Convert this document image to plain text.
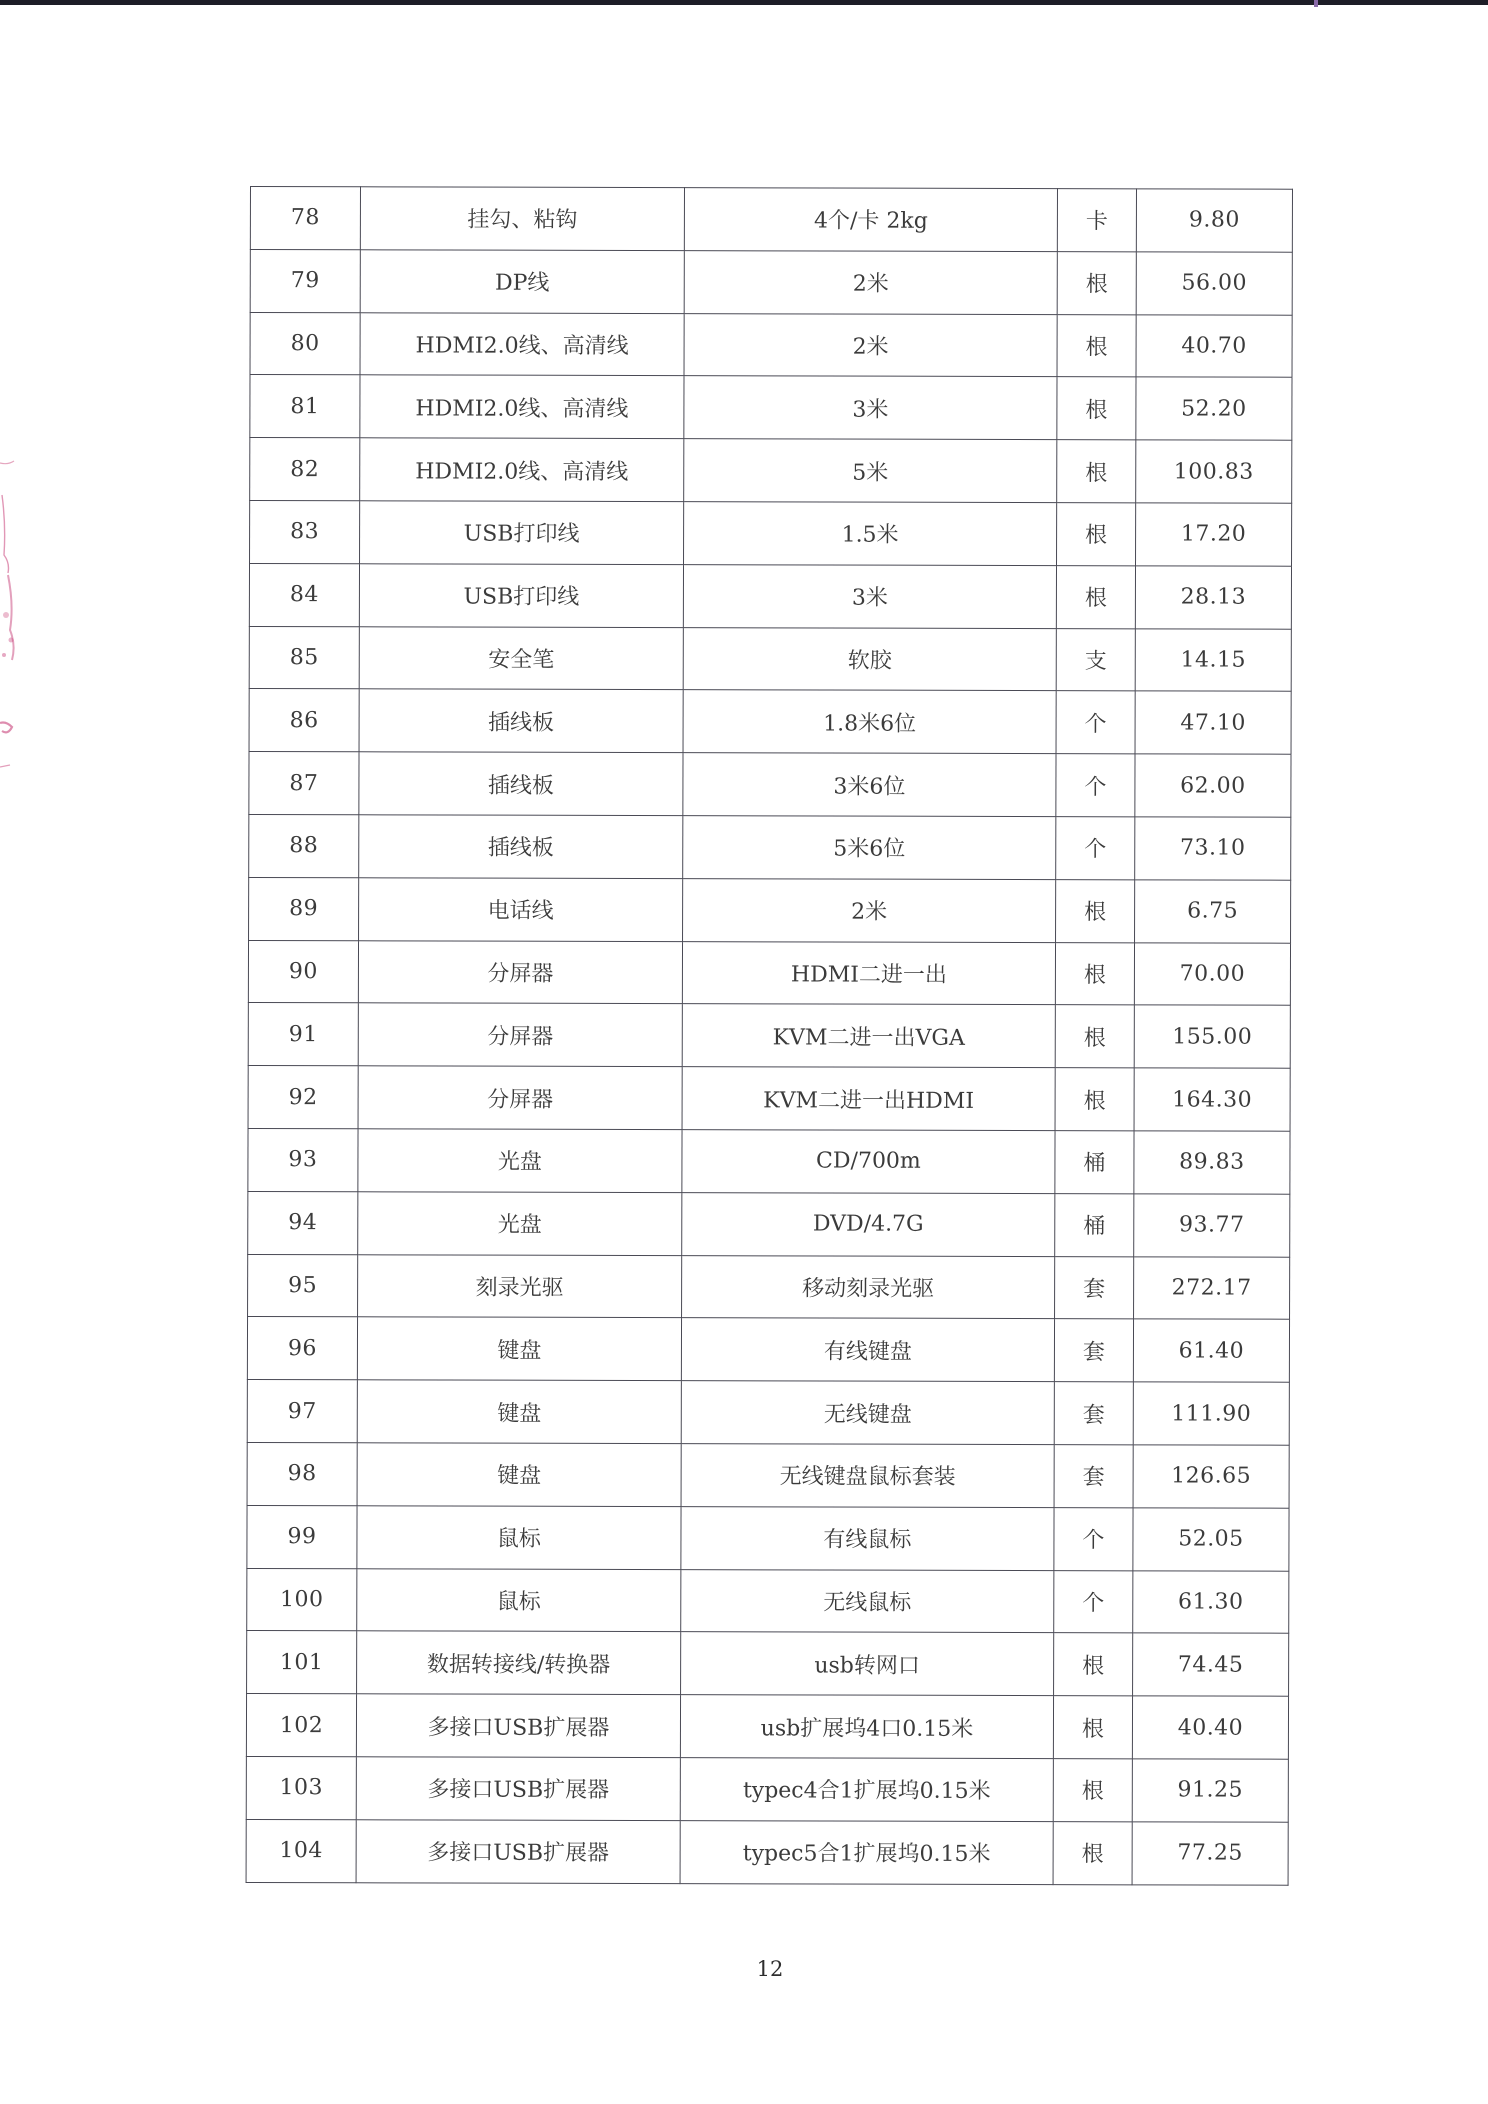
78	挂勾、粘钩	4个/卡 2kg	卡	9.80
79	DP线	2米	根	56.00
80	HDMI2.0线、高清线	2米	根	40.70
81	HDMI2.0线、高清线	3米	根	52.20
82	HDMI2.0线、高清线	5米	根	100.83
83	USB打印线	1.5米	根	17.20
84	USB打印线	3米	根	28.13
85	安全笔	软胶	支	14.15
86	插线板	1.8米6位	个	47.10
87	插线板	3米6位	个	62.00
88	插线板	5米6位	个	73.10
89	电话线	2米	根	6.75
90	分屏器	HDMI二进一出	根	70.00
91	分屏器	KVM二进一出VGA	根	155.00
92	分屏器	KVM二进一出HDMI	根	164.30
93	光盘	CD/700m	桶	89.83
94	光盘	DVD/4.7G	桶	93.77
95	刻录光驱	移动刻录光驱	套	272.17
96	键盘	有线键盘	套	61.40
97	键盘	无线键盘	套	111.90
98	键盘	无线键盘鼠标套装	套	126.65
99	鼠标	有线鼠标	个	52.05
100	鼠标	无线鼠标	个	61.30
101	数据转接线/转换器	usb转网口	根	74.45
102	多接口USB扩展器	usb扩展坞4口0.15米	根	40.40
103	多接口USB扩展器	typec4合1扩展坞0.15米	根	91.25
104	多接口USB扩展器	typec5合1扩展坞0.15米	根	77.25
12
